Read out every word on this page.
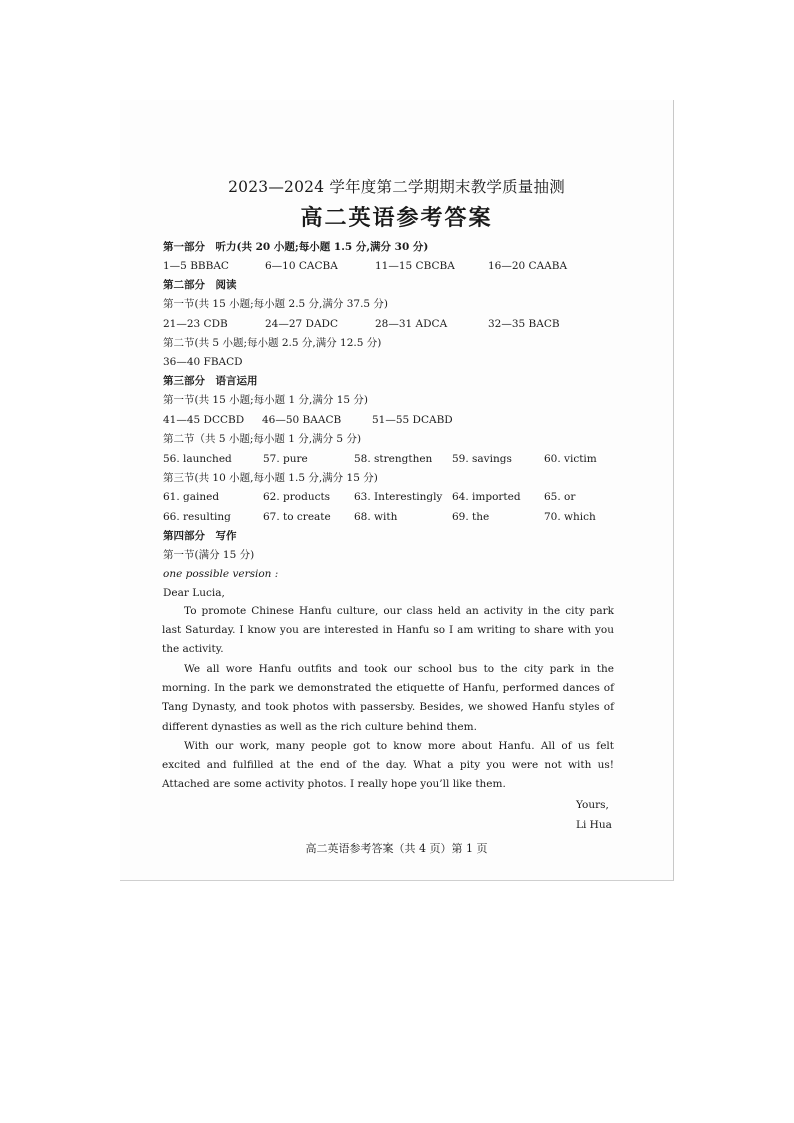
2023—2024 学年度第二学期期末教学质量抽测
高二英语参考答案
第一部分　听力(共 20 小题;每小题 1.5 分,满分 30 分)
1—5 BBBAC	6—10 CACBA	11—15 CBCBA	16—20 CAABA
第二部分　阅读
第一节(共 15 小题;每小题 2.5 分,满分 37.5 分)
21—23 CDB	24—27 DADC	28—31 ADCA	32—35 BACB
第二节(共 5 小题;每小题 2.5 分,满分 12.5 分)
36—40 FBACD
第三部分　语言运用
第一节(共 15 小题;每小题 1 分,满分 15 分)
41—45 DCCBD 46—50 BAACB	51—55 DCABD
第二节（共 5 小题;每小题 1 分,满分 5 分)
56. launched	57. pure	58. strengthen 59. savings	60. victim
第三节(共 10 小题,每小题 1.5 分,满分 15 分)
61. gained	62. products 63. Interestingly 64. imported 65. or
66. resulting	67. to create 68. with	69. the	70. which
第四部分　写作
第一节(满分 15 分)
one possible version :
Dear Lucia,
To promote Chinese Hanfu culture, our class held an activity in the city park last Saturday. I know you are interested in Hanfu so I am writing to share with you the activity.
We all wore Hanfu outfits and took our school bus to the city park in the morning. In the park we demonstrated the etiquette of Hanfu, performed dances of Tang Dynasty, and took photos with passersby. Besides, we showed Hanfu styles of different dynasties as well as the rich culture behind them.
With our work, many people got to know more about Hanfu. All of us felt excited and fulfilled at the end of the day. What a pity you were not with us! Attached are some activity photos. I really hope you’ll like them.
Yours,
Li Hua
高二英语参考答案（共 4 页）第 1 页
